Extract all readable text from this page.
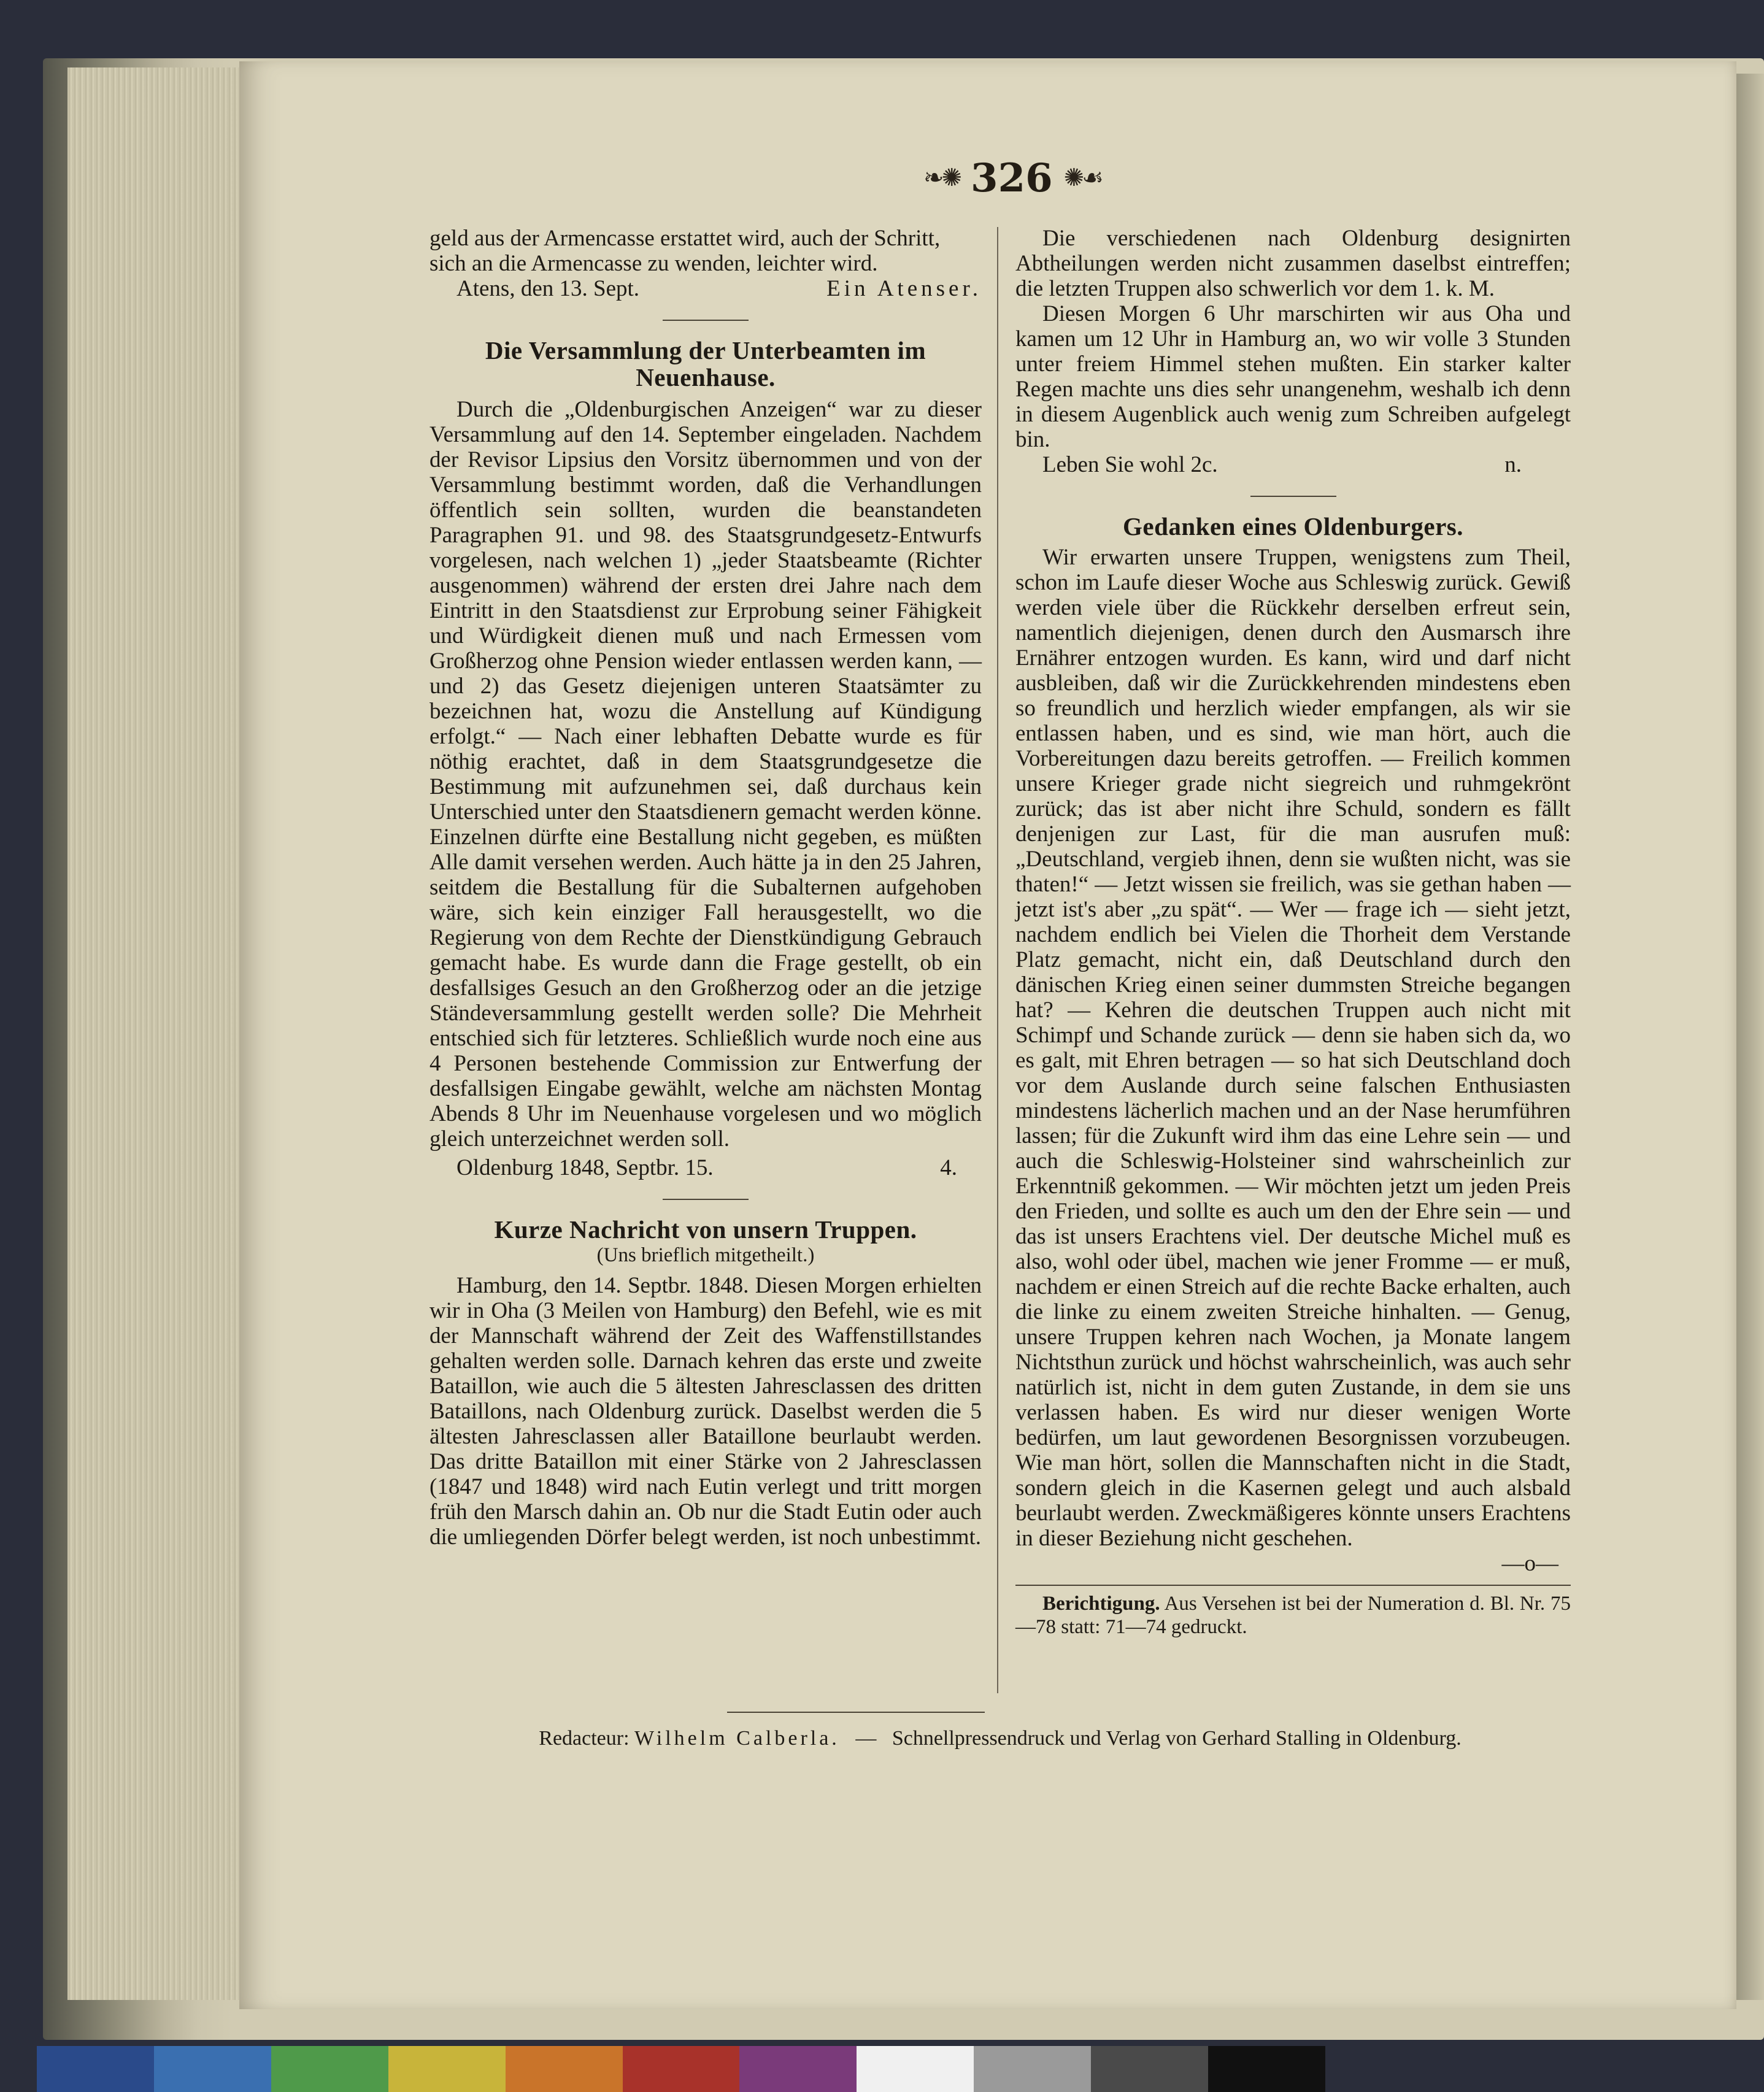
❧✺ 326 ✺☙

geld aus der Armencasse erstattet wird, auch der Schritt,

sich an die Armencasse zu wenden, leichter wird.

Atens, den 13. Sept.	Ein Atenser.

Die Versammlung der Unterbeamten im Neuenhause.

Durch die „Oldenburgischen Anzeigen“ war zu dieser Versammlung auf den 14. September eingeladen. Nachdem der Revisor Lipsius den Vorsitz übernommen und von der Versammlung bestimmt worden, daß die Verhandlungen öffentlich sein sollten, wurden die beanstandeten Paragraphen 91. und 98. des Staatsgrundgesetz-Entwurfs vorgelesen, nach welchen 1) „jeder Staatsbeamte (Richter ausgenommen) während der ersten drei Jahre nach dem Eintritt in den Staatsdienst zur Erprobung seiner Fähigkeit und Würdigkeit dienen muß und nach Ermessen vom Großherzog ohne Pension wieder entlassen werden kann, — und 2) das Gesetz diejenigen unteren Staatsämter zu bezeichnen hat, wozu die Anstellung auf Kündigung erfolgt.“ — Nach einer lebhaften Debatte wurde es für nöthig erachtet, daß in dem Staatsgrundgesetze die Bestimmung mit aufzunehmen sei, daß durchaus kein Unterschied unter den Staatsdienern gemacht werden könne. Einzelnen dürfte eine Bestallung nicht gegeben, es müßten Alle damit versehen werden. Auch hätte ja in den 25 Jahren, seitdem die Bestallung für die Subalternen aufgehoben wäre, sich kein einziger Fall herausgestellt, wo die Regierung von dem Rechte der Dienstkündigung Gebrauch gemacht habe. Es wurde dann die Frage gestellt, ob ein desfallsiges Gesuch an den Großherzog oder an die jetzige Ständeversammlung gestellt werden solle? Die Mehrheit entschied sich für letzteres. Schließlich wurde noch eine aus 4 Personen bestehende Commission zur Entwerfung der desfallsigen Eingabe gewählt, welche am nächsten Montag Abends 8 Uhr im Neuenhause vorgelesen und wo möglich gleich unterzeichnet werden soll.

Oldenburg 1848, Septbr. 15.	4.

Kurze Nachricht von unsern Truppen.

(Uns brieflich mitgetheilt.)

Hamburg, den 14. Septbr. 1848. Diesen Morgen erhielten wir in Oha (3 Meilen von Hamburg) den Befehl, wie es mit der Mannschaft während der Zeit des Waffenstillstandes gehalten werden solle. Darnach kehren das erste und zweite Bataillon, wie auch die 5 ältesten Jahresclassen des dritten Bataillons, nach Oldenburg zurück. Daselbst werden die 5 ältesten Jahresclassen aller Bataillone beurlaubt werden. Das dritte Bataillon mit einer Stärke von 2 Jahresclassen (1847 und 1848) wird nach Eutin verlegt und tritt morgen früh den Marsch dahin an. Ob nur die Stadt Eutin oder auch die umliegenden Dörfer belegt werden, ist noch unbestimmt.

Die verschiedenen nach Oldenburg designirten Abtheilungen werden nicht zusammen daselbst eintreffen; die letzten Truppen also schwerlich vor dem 1. k. M.

Diesen Morgen 6 Uhr marschirten wir aus Oha und kamen um 12 Uhr in Hamburg an, wo wir volle 3 Stunden unter freiem Himmel stehen mußten. Ein starker kalter Regen machte uns dies sehr unangenehm, weshalb ich denn in diesem Augenblick auch wenig zum Schreiben aufgelegt bin.

Leben Sie wohl 2c.	n.

Gedanken eines Oldenburgers.

Wir erwarten unsere Truppen, wenigstens zum Theil, schon im Laufe dieser Woche aus Schleswig zurück. Gewiß werden viele über die Rückkehr derselben erfreut sein, namentlich diejenigen, denen durch den Ausmarsch ihre Ernährer entzogen wurden. Es kann, wird und darf nicht ausbleiben, daß wir die Zurückkehrenden mindestens eben so freundlich und herzlich wieder empfangen, als wir sie entlassen haben, und es sind, wie man hört, auch die Vorbereitungen dazu bereits getroffen. — Freilich kommen unsere Krieger grade nicht siegreich und ruhmgekrönt zurück; das ist aber nicht ihre Schuld, sondern es fällt denjenigen zur Last, für die man ausrufen muß: „Deutschland, vergieb ihnen, denn sie wußten nicht, was sie thaten!“ — Jetzt wissen sie freilich, was sie gethan haben — jetzt ist's aber „zu spät“. — Wer — frage ich — sieht jetzt, nachdem endlich bei Vielen die Thorheit dem Verstande Platz gemacht, nicht ein, daß Deutschland durch den dänischen Krieg einen seiner dummsten Streiche begangen hat? — Kehren die deutschen Truppen auch nicht mit Schimpf und Schande zurück — denn sie haben sich da, wo es galt, mit Ehren betragen — so hat sich Deutschland doch vor dem Auslande durch seine falschen Enthusiasten mindestens lächerlich machen und an der Nase herumführen lassen; für die Zukunft wird ihm das eine Lehre sein — und auch die Schleswig-Holsteiner sind wahrscheinlich zur Erkenntniß gekommen. — Wir möchten jetzt um jeden Preis den Frieden, und sollte es auch um den der Ehre sein — und das ist unsers Erachtens viel. Der deutsche Michel muß es also, wohl oder übel, machen wie jener Fromme — er muß, nachdem er einen Streich auf die rechte Backe erhalten, auch die linke zu einem zweiten Streiche hinhalten. — Genug, unsere Truppen kehren nach Wochen, ja Monate langem Nichtsthun zurück und höchst wahrscheinlich, was auch sehr natürlich ist, nicht in dem guten Zustande, in dem sie uns verlassen haben. Es wird nur dieser wenigen Worte bedürfen, um laut gewordenen Besorgnissen vorzubeugen. Wie man hört, sollen die Mannschaften nicht in die Stadt, sondern gleich in die Kasernen gelegt und auch alsbald beurlaubt werden. Zweckmäßigeres könnte unsers Erachtens in dieser Beziehung nicht geschehen.

—o—

Berichtigung. Aus Versehen ist bei der Numeration d. Bl. Nr. 75—78 statt: 71—74 gedruckt.

Redacteur: Wilhelm Calberla. — Schnellpressendruck und Verlag von Gerhard Stalling in Oldenburg.
